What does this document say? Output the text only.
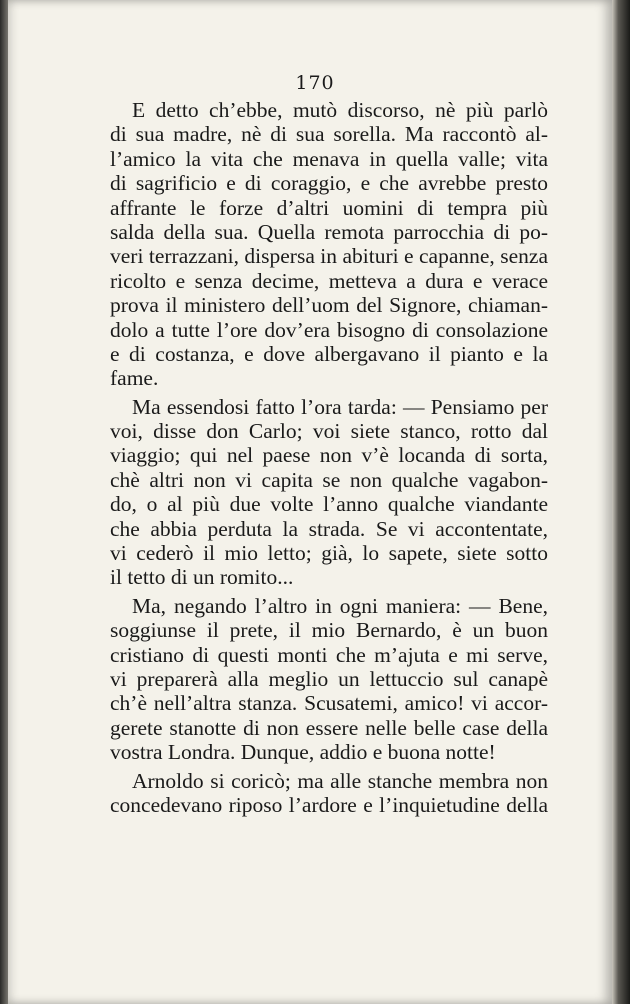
170
E detto ch’ebbe, mutò discorso, nè più parlò
di sua madre, nè di sua sorella. Ma raccontò al-
l’amico la vita che menava in quella valle; vita
di sagrificio e di coraggio, e che avrebbe presto
affrante le forze d’altri uomini di tempra più
salda della sua. Quella remota parrocchia di po-
veri terrazzani, dispersa in abituri e capanne, senza
ricolto e senza decime, metteva a dura e verace
prova il ministero dell’uom del Signore, chiaman-
dolo a tutte l’ore dov’era bisogno di consolazione
e di costanza, e dove albergavano il pianto e la
fame.
Ma essendosi fatto l’ora tarda: — Pensiamo per
voi, disse don Carlo; voi siete stanco, rotto dal
viaggio; qui nel paese non v’è locanda di sorta,
chè altri non vi capita se non qualche vagabon-
do, o al più due volte l’anno qualche viandante
che abbia perduta la strada. Se vi accontentate,
vi cederò il mio letto; già, lo sapete, siete sotto
il tetto di un romito...
Ma, negando l’altro in ogni maniera: — Bene,
soggiunse il prete, il mio Bernardo, è un buon
cristiano di questi monti che m’ajuta e mi serve,
vi preparerà alla meglio un lettuccio sul canapè
ch’è nell’altra stanza. Scusatemi, amico! vi accor-
gerete stanotte di non essere nelle belle case della
vostra Londra. Dunque, addio e buona notte!
Arnoldo si coricò; ma alle stanche membra non
concedevano riposo l’ardore e l’inquietudine della
